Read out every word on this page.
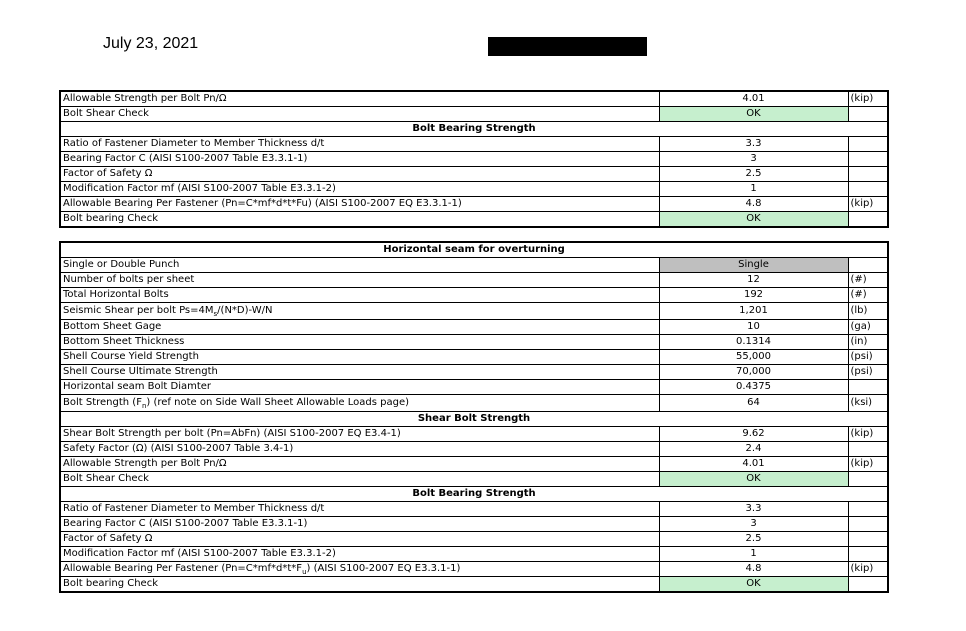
July 23, 2021
Allowable Strength per Bolt Pn/Ω	4.01	(kip)
Bolt Shear Check	OK	
Bolt Bearing Strength		
Ratio of Fastener Diameter to Member Thickness d/t	3.3	
Bearing Factor C (AISI S100-2007 Table E3.3.1-1)	3	
Factor of Safety Ω	2.5	
Modification Factor mf (AISI S100-2007 Table E3.3.1-2)	1	
Allowable Bearing Per Fastener (Pn=C*mf*d*t*Fu) (AISI S100-2007 EQ E3.3.1-1)	4.8	(kip)
Bolt bearing Check	OK	
Horizontal seam for overturning		
Single or Double Punch	Single	
Number of bolts per sheet	12	(#)
Total Horizontal Bolts	192	(#)
Seismic Shear per bolt $Ps=4M_s/(N*D)-W/N$	1,201	(lb)
Bottom Sheet Gage	10	(ga)
Bottom Sheet Thickness	0.1314	(in)
Shell Course Yield Strength	55,000	(psi)
Shell Course Ultimate Strength	70,000	(psi)
Horizontal seam Bolt Diamter	0.4375	
Bolt Strength $(F_n)$ (ref note on Side Wall Sheet Allowable Loads page)	64	(ksi)
Shear Bolt Strength		
Shear Bolt Strength per bolt (Pn=AbFn) (AISI S100-2007 EQ E3.4-1)	9.62	(kip)
Safety Factor (Ω) (AISI S100-2007 Table 3.4-1)	2.4	
Allowable Strength per Bolt Pn/Ω	4.01	(kip)
Bolt Shear Check	OK	
Bolt Bearing Strength		
Ratio of Fastener Diameter to Member Thickness d/t	3.3	
Bearing Factor C (AISI S100-2007 Table E3.3.1-1)	3	
Factor of Safety Ω	2.5	
Modification Factor mf (AISI S100-2007 Table E3.3.1-2)	1	
Allowable Bearing Per Fastener $(Pn=C*mf*d*t*F_u)$ (AISI S100-2007 EQ E3.3.1-1)	4.8	(kip)
Bolt bearing Check	OK	
